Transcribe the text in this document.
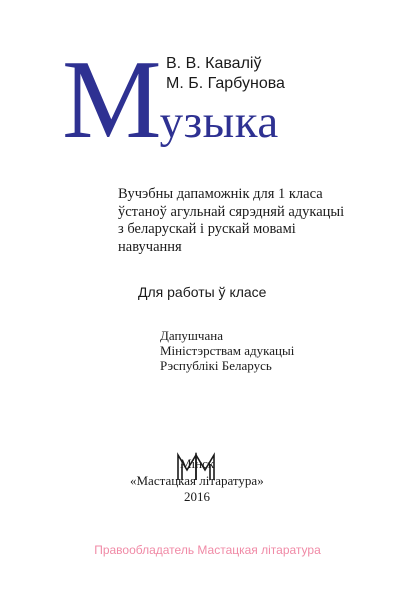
В. В. Каваліў
М. Б. Гарбунова
Музыка
Вучэбны дапаможнік для 1 класа
ўстаноў агульнай сярэдняй адукацыі
з беларускай і рускай мовамі
навучання
Для работы ў класе
Дапушчана
Міністэрствам адукацыі
Рэспублікі Беларусь
Мінск
«Мастацкая літаратура»
2016
Правообладатель Мастацкая літаратура
